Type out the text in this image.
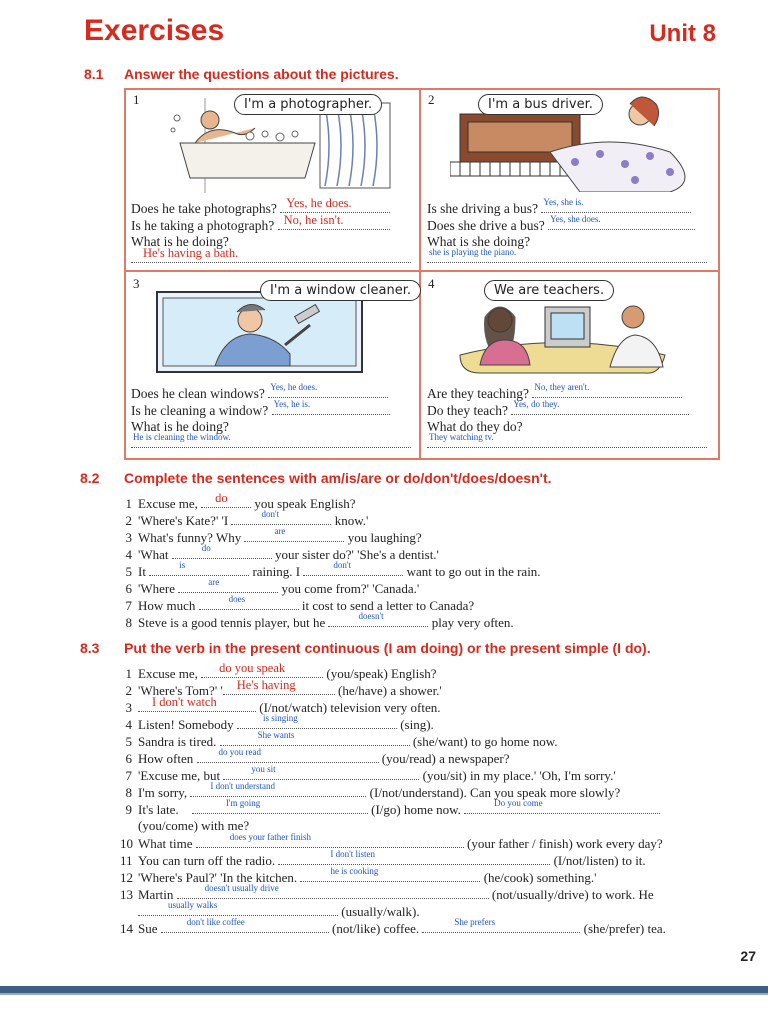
Exercises	Unit 8
8.1 Answer the questions about the pictures.
1	I'm a photographer.
Does he take photographs? Yes, he does.
Is he taking a photograph? No, he isn't.
What is he doing?
He's having a bath.
2	I'm a bus driver.
Is she driving a bus? Yes, she is.
Does she drive a bus? Yes, she does.
What is she doing?
she is playing the piano.
3	I'm a window cleaner.
Does he clean windows? Yes, he does.
Is he cleaning a window? Yes, he is.
What is he doing?
He is cleaning the window.
4	We are teachers.
Are they teaching? No, they aren't.
Do they teach? Yes, do they.
What do they do?
They watching tv.
8.2 Complete the sentences with am/is/are or do/don't/does/doesn't.
1 Excuse me, do you speak English?
2 'Where's Kate?' 'I	don't	know.'
3 What's funny? Why	are	you laughing?
4 'What	do	your sister do?' 'She's a dentist.'
5 It	is	raining. I	don't	want to go out in the rain.
6 'Where	are	you come from?' 'Canada.'
7 How much	does	it cost to send a letter to Canada?
8 Steve is a good tennis player, but he	doesn't	play very often.
8.3 Put the verb in the present continuous (I am doing) or the present simple (I do).
1 Excuse me, do you speak	(you/speak) English?
2 'Where's Tom?' ' He's having	(he/have) a shower.'
3 I don't watch	(I/not/watch) television very often.
4 Listen! Somebody	is singing	(sing).
5 Sandra is tired.	She wants	(she/want) to go home now.
6 How often	do you read	(you/read) a newspaper?
7 'Excuse me, but	you sit	(you/sit) in my place.' 'Oh, I'm sorry.'
8 I'm sorry,	I don't understand	(I/not/understand). Can you speak more slowly?
9 It's late.	I'm going	(I/go) home now.	Do you come
(you/come) with me?
10 What time	does your father finish	(your father / finish) work every day?
11 You can turn off the radio.	I don't listen	(I/not/listen) to it.
12 'Where's Paul?' 'In the kitchen.	he is cooking	(he/cook) something.'
13 Martin	doesn't usually drive	(not/usually/drive) to work. He
usually walks	(usually/walk).
14 Sue	don't like coffee	(not/like) coffee.	She prefers	(she/prefer) tea.
27
